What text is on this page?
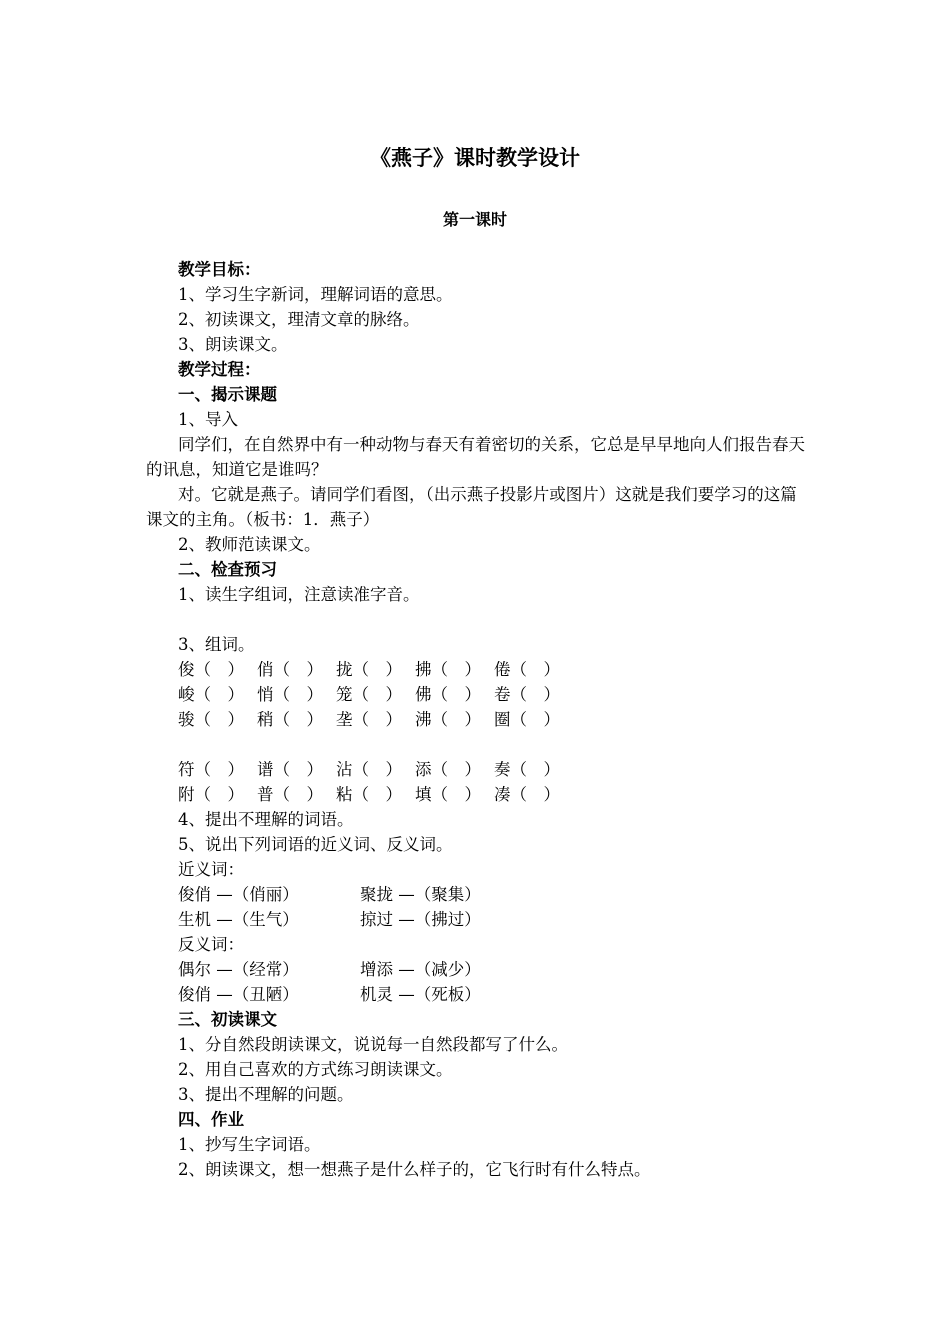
《燕子》课时教学设计
第一课时
教学目标：
1、学习生字新词，理解词语的意思。
2、初读课文，理清文章的脉络。
3、朗读课文。
教学过程：
一、揭示课题
1、导入
同学们，在自然界中有一种动物与春天有着密切的关系，它总是早早地向人们报告春天的讯息，知道它是谁吗？
对。它就是燕子。请同学们看图，（出示燕子投影片或图片）这就是我们要学习的这篇课文的主角。（板书：1．燕子）
2、教师范读课文。
二、检查预习
1、读生字组词，注意读准字音。
3、组词。
俊（　） 俏（　） 拢（　） 拂（　） 倦（　）
峻（　） 悄（　） 笼（　） 佛（　） 卷（　）
骏（　） 稍（　） 垄（　） 沸（　） 圈（　）
符（　） 谱（　） 沾（　） 添（　） 奏（　）
附（　） 普（　） 粘（　） 填（　） 凑（　）
4、提出不理解的词语。
5、说出下列词语的近义词、反义词。
近义词：
俊俏 —（俏丽）	聚拢 —（聚集）
生机 —（生气）	掠过 —（拂过）
反义词：
偶尔 —（经常）	增添 —（减少）
俊俏 —（丑陋）	机灵 —（死板）
三、初读课文
1、分自然段朗读课文，说说每一自然段都写了什么。
2、用自己喜欢的方式练习朗读课文。
3、提出不理解的问题。
四、作业
1、抄写生字词语。
2、朗读课文，想一想燕子是什么样子的，它飞行时有什么特点。
